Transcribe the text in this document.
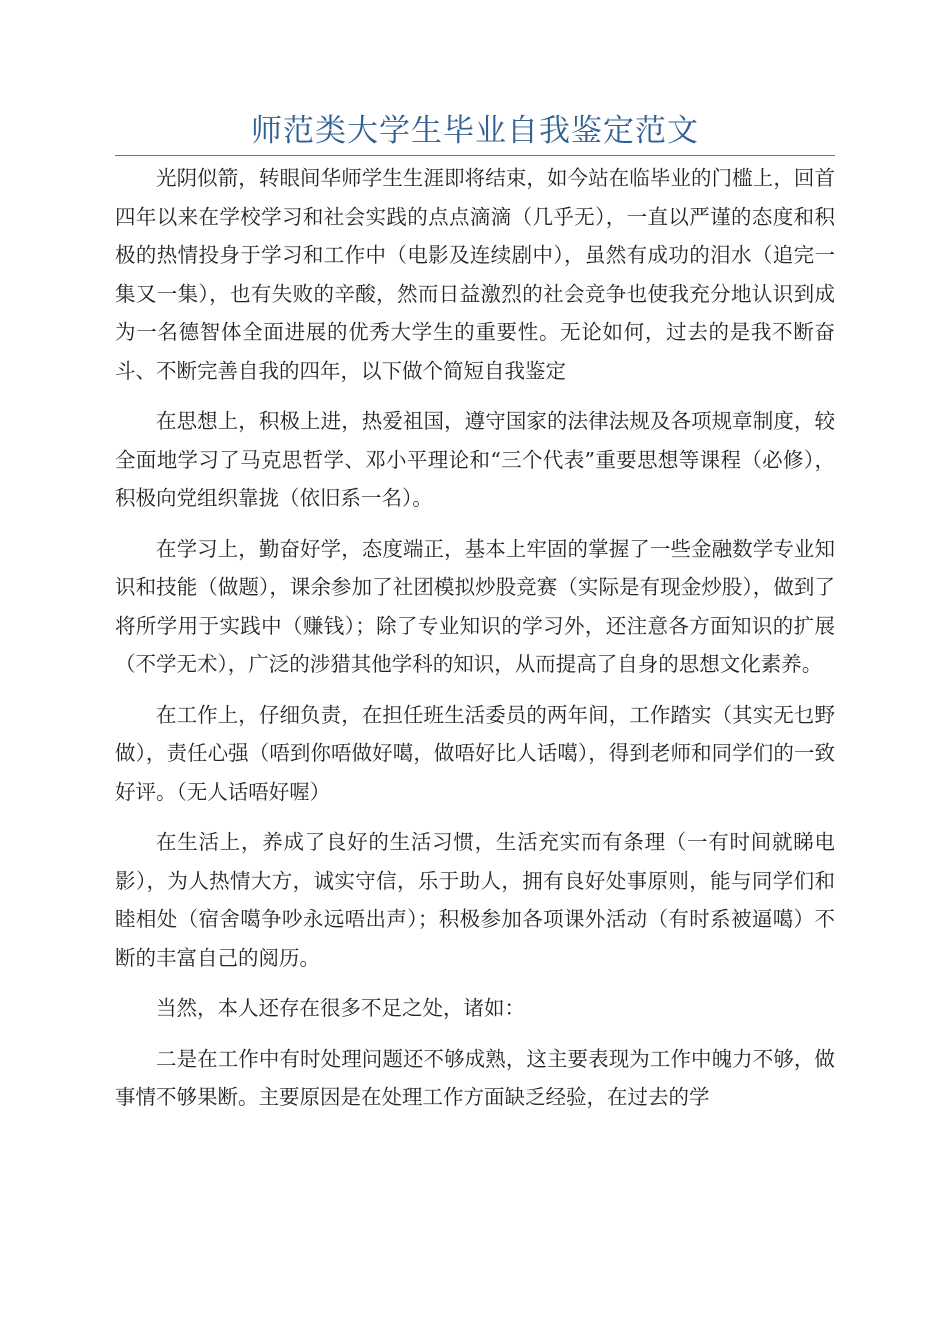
师范类大学生毕业自我鉴定范文

光阴似箭，转眼间华师学生生涯即将结束，如今站在临毕业的门槛上，回首四年以来在学校学习和社会实践的点点滴滴（几乎无），一直以严谨的态度和积极的热情投身于学习和工作中（电影及连续剧中），虽然有成功的泪水（追完一集又一集），也有失败的辛酸，然而日益激烈的社会竞争也使我充分地认识到成为一名德智体全面进展的优秀大学生的重要性。无论如何，过去的是我不断奋斗、不断完善自我的四年，以下做个简短自我鉴定

在思想上，积极上进，热爱祖国，遵守国家的法律法规及各项规章制度，较全面地学习了马克思哲学、邓小平理论和“三个代表”重要思想等课程（必修），积极向党组织靠拢（依旧系一名）。

在学习上，勤奋好学，态度端正，基本上牢固的掌握了一些金融数学专业知识和技能（做题），课余参加了社团模拟炒股竞赛（实际是有现金炒股），做到了将所学用于实践中（赚钱）；除了专业知识的学习外，还注意各方面知识的扩展（不学无术），广泛的涉猎其他学科的知识，从而提高了自身的思想文化素养。

在工作上，仔细负责，在担任班生活委员的两年间，工作踏实（其实无乜野做），责任心强（唔到你唔做好噶，做唔好比人话噶），得到老师和同学们的一致好评。（无人话唔好喔）

在生活上，养成了良好的生活习惯，生活充实而有条理（一有时间就睇电影），为人热情大方，诚实守信，乐于助人，拥有良好处事原则，能与同学们和睦相处（宿舍噶争吵永远唔出声）；积极参加各项课外活动（有时系被逼噶）不断的丰富自己的阅历。

当然，本人还存在很多不足之处，诸如：

二是在工作中有时处理问题还不够成熟，这主要表现为工作中魄力不够，做事情不够果断。主要原因是在处理工作方面缺乏经验，在过去的学
